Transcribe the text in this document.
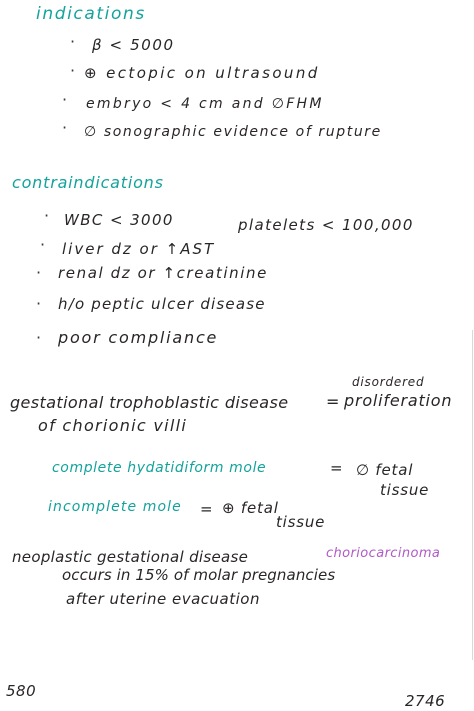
indications
· β < 5000
· ⊕ ectopic on ultrasound
· embryo < 4 cm and ∅FHM
· ∅ sonographic evidence of rupture
contraindications
· WBC < 3000	platelets < 100,000
· liver dz or ↑AST
· renal dz or ↑creatinine
· h/o peptic ulcer disease
· poor compliance
disordered
gestational trophoblastic disease = proliferation
of chorionic villi
complete hydatidiform mole	= ∅ fetal
tissue
incomplete mole = ⊕ fetal
tissue
neoplastic gestational disease	choriocarcinoma
occurs in 15% of molar pregnancies
after uterine evacuation
580
2746
